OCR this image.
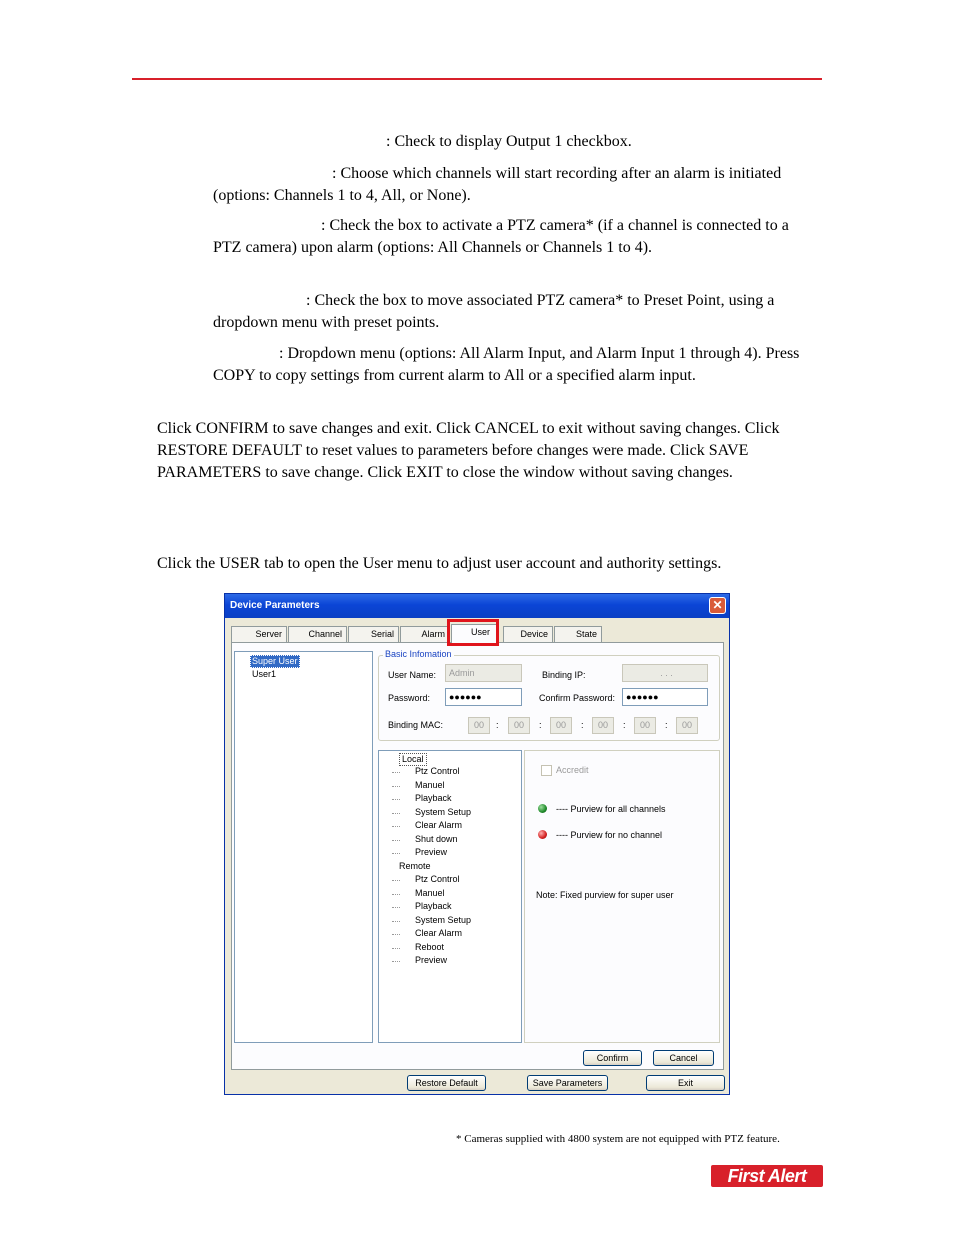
: Check to display Output 1 checkbox.

: Choose which channels will start recording after an alarm is initiated (options: Channels 1 to 4, All, or None).

: Check the box to activate a PTZ camera* (if a channel is connected to a PTZ camera) upon alarm (options: All Channels or Channels 1 to 4).

: Check the box to move associated PTZ camera* to Preset Point, using a dropdown menu with preset points.

: Dropdown menu (options: All Alarm Input, and Alarm Input 1 through 4). Press COPY to copy settings from current alarm to All or a specified alarm input.

Click CONFIRM to save changes and exit. Click CANCEL to exit without saving changes. Click RESTORE DEFAULT to reset values to parameters before changes were made. Click SAVE PARAMETERS to save change. Click EXIT to close the window without saving changes.

Click the USER tab to open the User menu to adjust user account and authority settings.

Device Parameters	✕
Server	Channel	Serial	Alarm	User	Device	State
Super User
User1
Basic Infomation
User Name:	Admin	Binding IP:	. . .
Password:	●●●●●●	Confirm Password:	●●●●●●
Binding MAC:	00	:	00	:	00	:	00	:	00	:	00
Local
Ptz Control
Manuel
Playback
System Setup
Clear Alarm
Shut down
Preview
Remote
Ptz Control
Manuel
Playback
System Setup
Clear Alarm
Reboot
Preview
Accredit
---- Purview for all channels
---- Purview for no channel
Note: Fixed purview for super user
Confirm	Cancel
Restore Default	Save Parameters	Exit
* Cameras supplied with 4800 system are not equipped with PTZ feature.
First Alert
